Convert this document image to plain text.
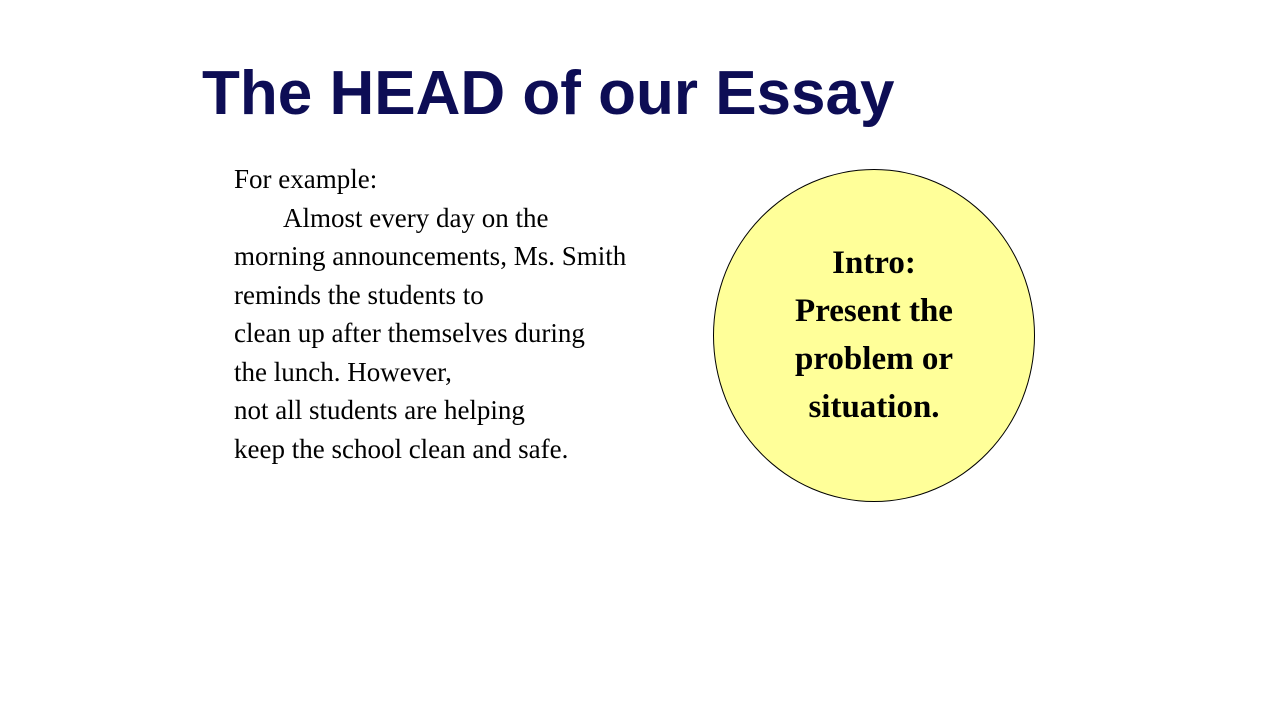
The HEAD of our Essay
For example:
Almost every day on the
morning announcements, Ms. Smith
reminds the students to
clean up after themselves during
the lunch. However,
not all students are helping
keep the school clean and safe.
Intro:
Present the
problem or
situation.
